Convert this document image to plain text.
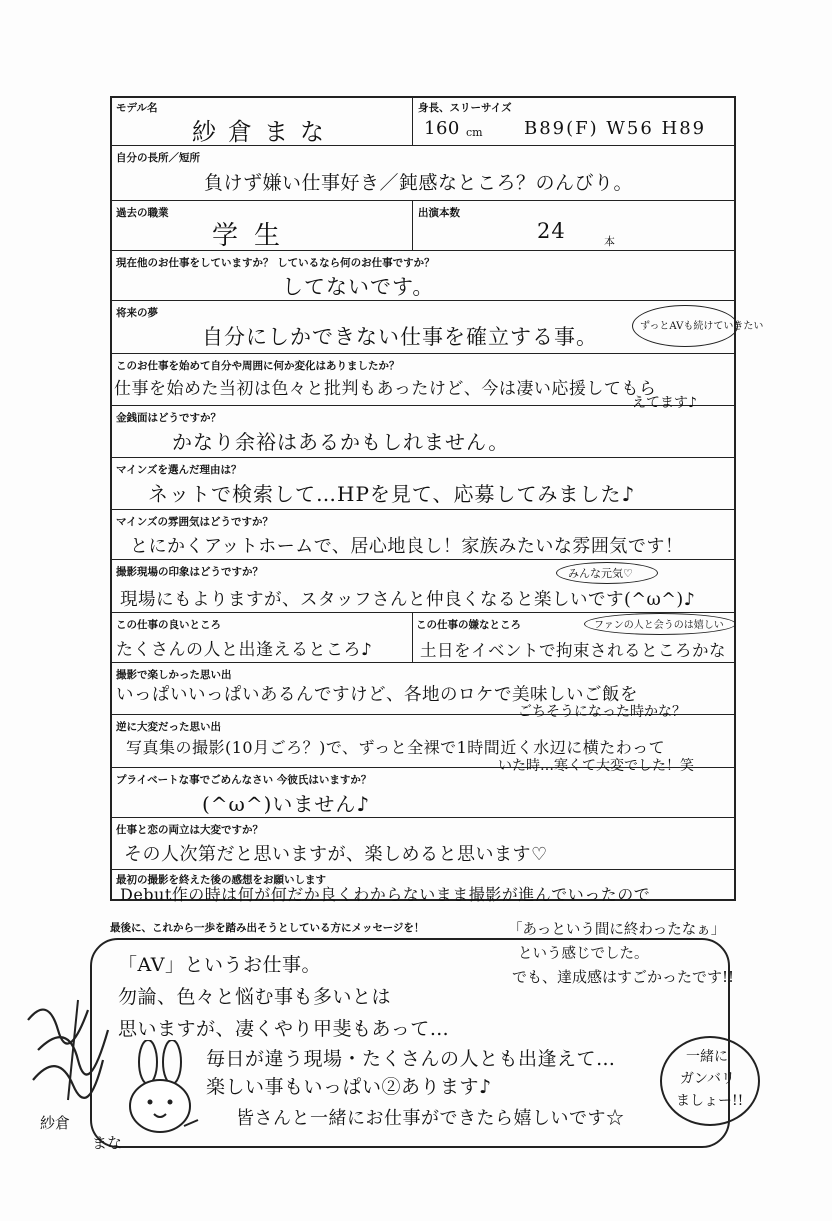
モデル名
紗倉まな
身長、スリーサイズ
160 cm B89(F) W56 H89
自分の長所／短所
負けず嫌い仕事好き／鈍感なところ？のんびり。
過去の職業
学生
出演本数
24	本
現在他のお仕事をしていますか？ しているなら何のお仕事ですか？
してないです。
将来の夢
自分にしかできない仕事を確立する事。	ずっとAVも続けていきたい
このお仕事を始めて自分や周囲に何か変化はありましたか？
仕事を始めた当初は色々と批判もあったけど、今は凄い応援してもら
えてます♪
金銭面はどうですか？
かなり余裕はあるかもしれません。
マインズを選んだ理由は？
ネットで検索して…HPを見て、応募してみました♪
マインズの雰囲気はどうですか？
とにかくアットホームで、居心地良し！家族みたいな雰囲気です！
撮影現場の印象はどうですか？	みんな元気♡
現場にもよりますが、スタッフさんと仲良くなると楽しいです(^ω^)♪
この仕事の良いところ
たくさんの人と出逢えるところ♪
この仕事の嫌なところ	ファンの人と会うのは嬉しい
土日をイベントで拘束されるところかな
撮影で楽しかった思い出
いっぱいいっぱいあるんですけど、各地のロケで美味しいご飯を
ごちそうになった時かな？
逆に大変だった思い出
写真集の撮影(10月ごろ？)で、ずっと全裸で1時間近く水辺に横たわって
いた時…寒くて大変でした！笑
プライベートな事でごめんなさい 今彼氏はいますか？
(^ω^)いません♪
仕事と恋の両立は大変ですか？
その人次第だと思いますが、楽しめると思います♡
最初の撮影を終えた後の感想をお願いします
Debut作の時は何が何だか良くわからないまま撮影が進んでいったので
最後に、これから一歩を踏み出そうとしている方にメッセージを！	「あっという間に終わったなぁ」
という感じでした。
でも、達成感はすごかったです!!
「AV」というお仕事。
勿論、色々と悩む事も多いとは
思いますが、凄くやり甲斐もあって…
毎日が違う現場・たくさんの人とも出逢えて…
楽しい事もいっぱい②あります♪
皆さんと一緒にお仕事ができたら嬉しいです☆
一緒に
ガンバリ
ましょー!!
紗倉
まな
